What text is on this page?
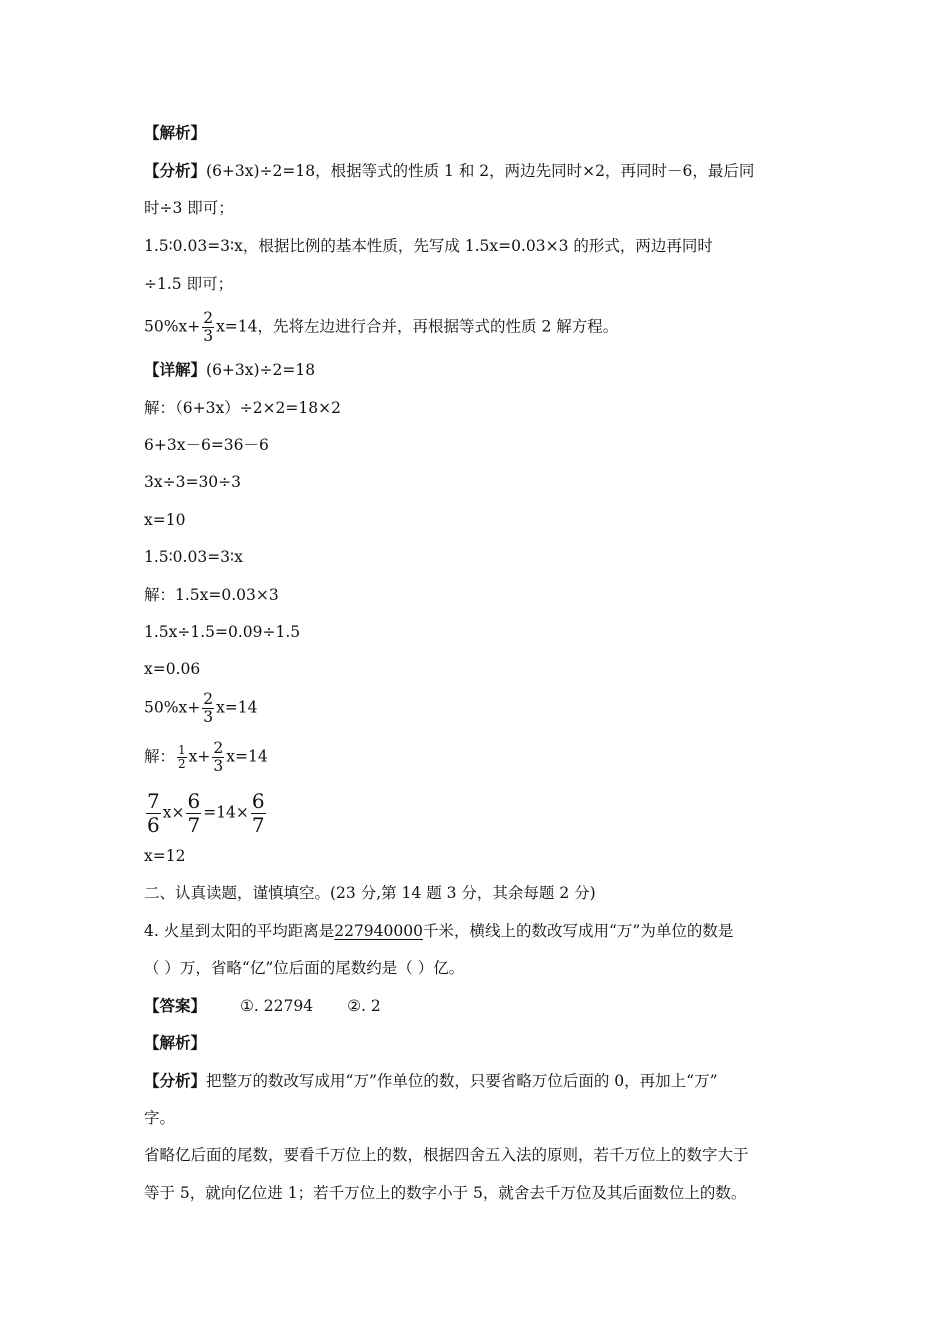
【解析】
【分析】(6+3x)÷2=18，根据等式的性质 1 和 2，两边先同时×2，再同时－6，最后同
时÷3 即可；
1.5∶0.03=3∶x，根据比例的基本性质，先写成 1.5x=0.03×3 的形式，两边再同时
÷1.5 即可；
$50\%x+ \frac{2}{3} x=14$，先将左边进行合并，再根据等式的性质 2 解方程。
【详解】(6+3x)÷2=18
解：（6+3x）÷2×2=18×2
6+3x－6=36－6
3x÷3=30÷3
x=10
1.5∶0.03=3∶x
解：1.5x=0.03×3
1.5x÷1.5=0.09÷1.5
x=0.06
$50\%x+ \frac{2}{3} x=14$
解： $\frac{1}{2} x+ \frac{2}{3} x=14$
$\frac{7}{6} x\times \frac{6}{7} =14\times \frac{6}{7}$
x=12
二、认真读题，谨慎填空。(23 分,第 14 题 3 分，其余每题 2 分)
4. 火星到太阳的平均距离是227940000千米，横线上的数改写成用“万”为单位的数是
（ ）万，省略“亿”位后面的尾数约是（ ）亿。
【答案】 ①. 22794 ②. 2
【解析】
【分析】把整万的数改写成用“万”作单位的数，只要省略万位后面的 0，再加上“万”
字。
省略亿后面的尾数，要看千万位上的数，根据四舍五入法的原则，若千万位上的数字大于
等于 5，就向亿位进 1；若千万位上的数字小于 5，就舍去千万位及其后面数位上的数。
